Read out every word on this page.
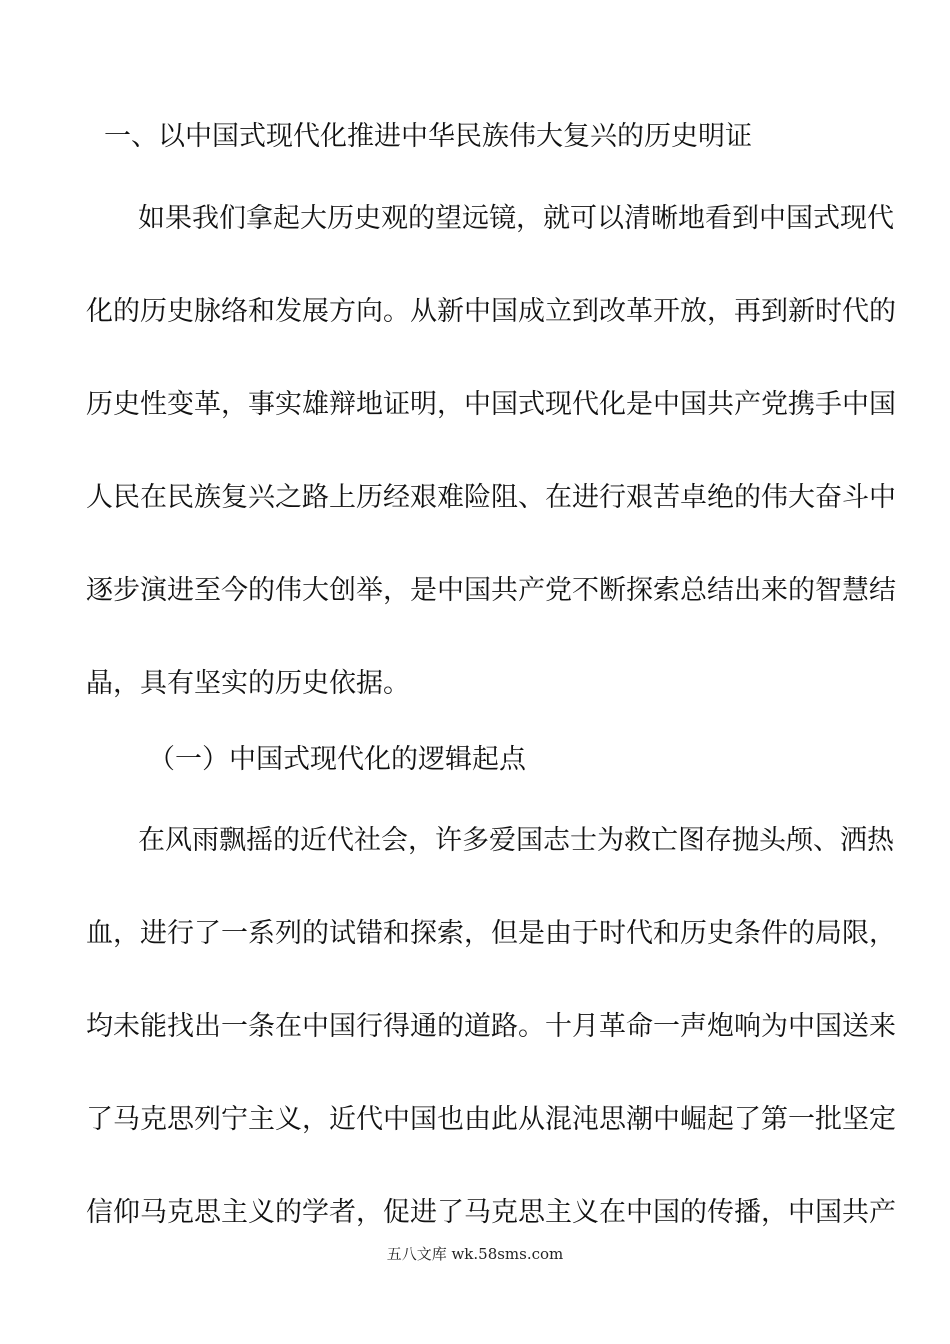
一、以中国式现代化推进中华民族伟大复兴的历史明证
如果我们拿起大历史观的望远镜，就可以清晰地看到中国式现代
化的历史脉络和发展方向。从新中国成立到改革开放，再到新时代的
历史性变革，事实雄辩地证明，中国式现代化是中国共产党携手中国
人民在民族复兴之路上历经艰难险阻、在进行艰苦卓绝的伟大奋斗中
逐步演进至今的伟大创举，是中国共产党不断探索总结出来的智慧结
晶，具有坚实的历史依据。
（一）中国式现代化的逻辑起点
在风雨飘摇的近代社会，许多爱国志士为救亡图存抛头颅、洒热
血，进行了一系列的试错和探索，但是由于时代和历史条件的局限，
均未能找出一条在中国行得通的道路。十月革命一声炮响为中国送来
了马克思列宁主义，近代中国也由此从混沌思潮中崛起了第一批坚定
信仰马克思主义的学者，促进了马克思主义在中国的传播，中国共产
五八文库 wk.58sms.com
